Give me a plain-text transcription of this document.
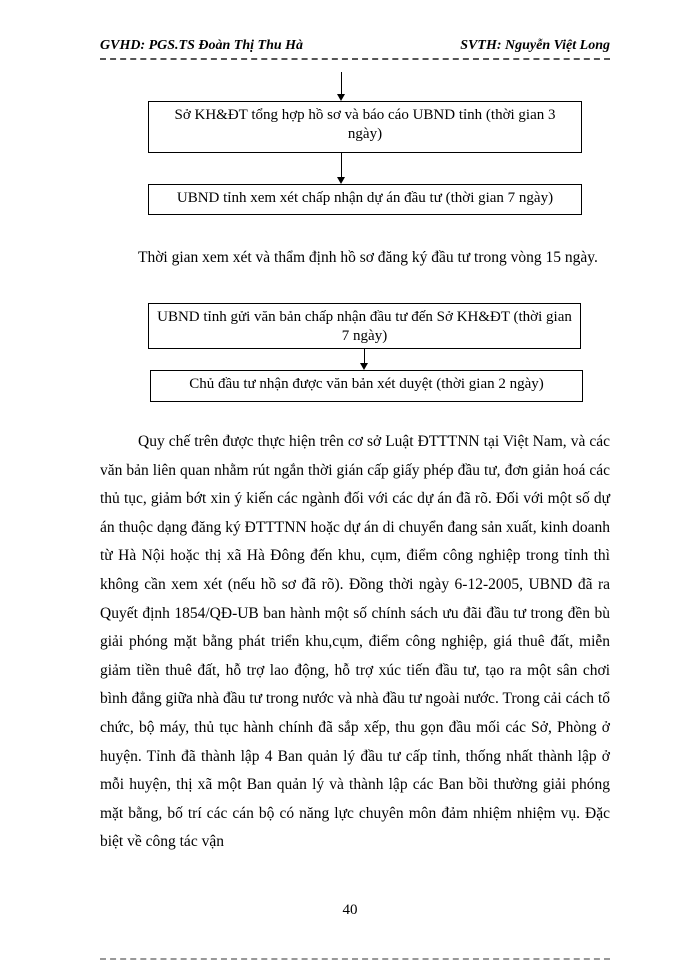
GVHD: PGS.TS Đoàn Thị Thu Hà	SVTH: Nguyễn Việt Long
Sở KH&ĐT tổng hợp hồ sơ và báo cáo UBND tỉnh (thời gian 3 ngày)
UBND tỉnh xem xét chấp nhận dự án đầu tư (thời gian 7 ngày)

Thời gian xem xét và thẩm định hồ sơ đăng ký đầu tư trong vòng 15 ngày.

UBND tỉnh gửi văn bản chấp nhận đầu tư đến Sở KH&ĐT (thời gian 7 ngày)
Chủ đầu tư nhận được văn bản xét duyệt (thời gian 2 ngày)

Quy chế trên được thực hiện trên cơ sở Luật ĐTTTNN tại Việt Nam, và các văn bản liên quan nhằm rút ngắn thời gián cấp giấy phép đầu tư, đơn giản hoá các thủ tục, giảm bớt xin ý kiến các ngành đối với các dự án đã rõ. Đối với một số dự án thuộc dạng đăng ký ĐTTTNN hoặc dự án di chuyển đang sản xuất, kinh doanh từ Hà Nội hoặc thị xã Hà Đông đến khu, cụm, điểm công nghiệp trong tỉnh thì không cần xem xét (nếu hồ sơ đã rõ). Đồng thời ngày 6-12-2005, UBND đã ra Quyết định 1854/QĐ-UB ban hành một số chính sách ưu đãi đầu tư trong đền bù giải phóng mặt bằng phát triển khu,cụm, điểm công nghiệp, giá thuê đất, miễn giảm tiền thuê đất, hỗ trợ lao động, hỗ trợ xúc tiến đầu tư, tạo ra một sân chơi bình đẳng giữa nhà đầu tư trong nước và nhà đầu tư ngoài nước. Trong cải cách tổ chức, bộ máy, thủ tục hành chính đã sắp xếp, thu gọn đầu mối các Sở, Phòng ở huyện. Tỉnh đã thành lập 4 Ban quản lý đầu tư cấp tỉnh, thống nhất thành lập ở mỗi huyện, thị xã một Ban quản lý và thành lập các Ban bồi thường giải phóng mặt bằng, bố trí các cán bộ có năng lực chuyên môn đảm nhiệm nhiệm vụ. Đặc biệt về công tác vận

40
